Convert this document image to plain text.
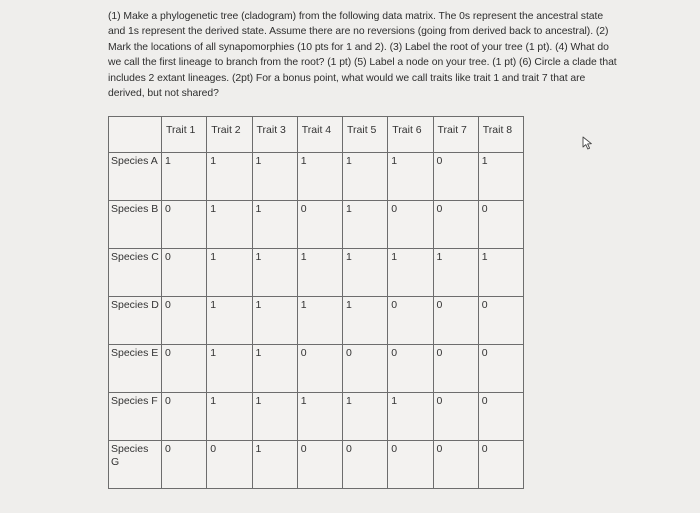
(1) Make a phylogenetic tree (cladogram) from the following data matrix. The 0s represent the ancestral state and 1s represent the derived state. Assume there are no reversions (going from derived back to ancestral). (2) Mark the locations of all synapomorphies (10 pts for 1 and 2). (3) Label the root of your tree (1 pt). (4) What do we call the first lineage to branch from the root? (1 pt) (5) Label a node on your tree. (1 pt) (6) Circle a clade that includes 2 extant lineages. (2pt) For a bonus point, what would we call traits like trait 1 and trait 7 that are derived, but not shared?
	Trait 1	Trait 2	Trait 3	Trait 4	Trait 5	Trait 6	Trait 7	Trait 8
Species A	1	1	1	1	1	1	0	1
Species B	0	1	1	0	1	0	0	0
Species C	0	1	1	1	1	1	1	1
Species D	0	1	1	1	1	0	0	0
Species E	0	1	1	0	0	0	0	0
Species F	0	1	1	1	1	1	0	0
Species G	0	0	1	0	0	0	0	0
